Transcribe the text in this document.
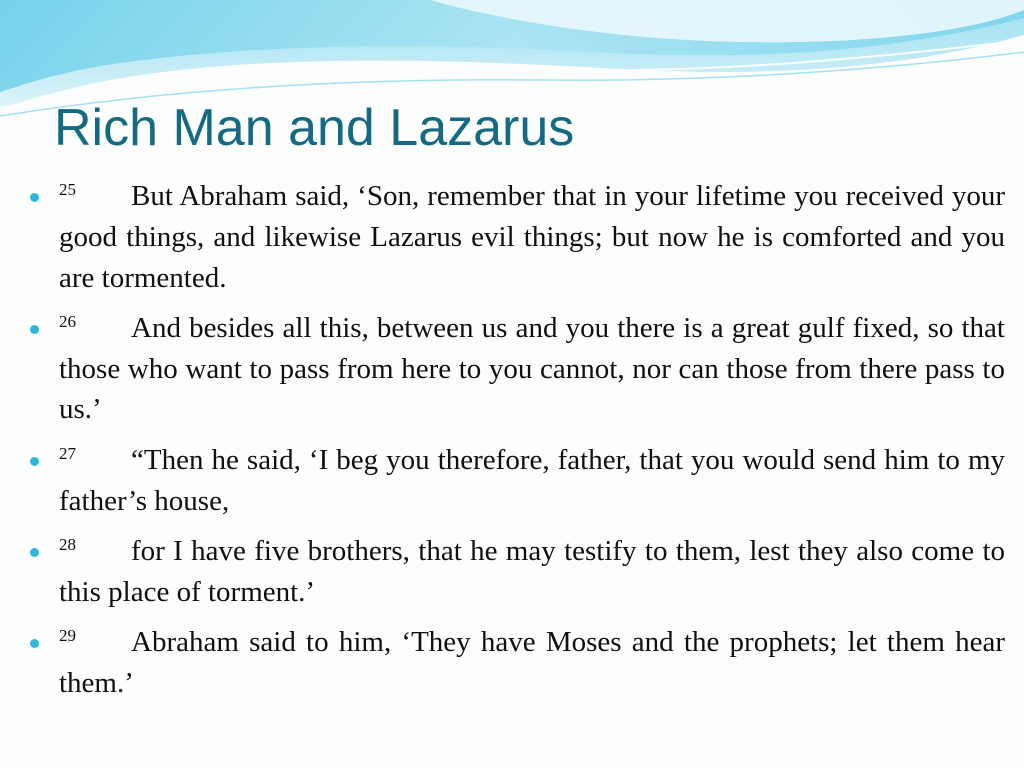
Rich Man and Lazarus
25 But Abraham said, ‘Son, remember that in your lifetime you received your good things, and likewise Lazarus evil things; but now he is comforted and you are tormented.
26 And besides all this, between us and you there is a great gulf fixed, so that those who want to pass from here to you cannot, nor can those from there pass to us.’
27 “Then he said, ‘I beg you therefore, father, that you would send him to my father’s house,
28 for I have five brothers, that he may testify to them, lest they also come to this place of torment.’
29 Abraham said to him, ‘They have Moses and the prophets; let them hear them.’
